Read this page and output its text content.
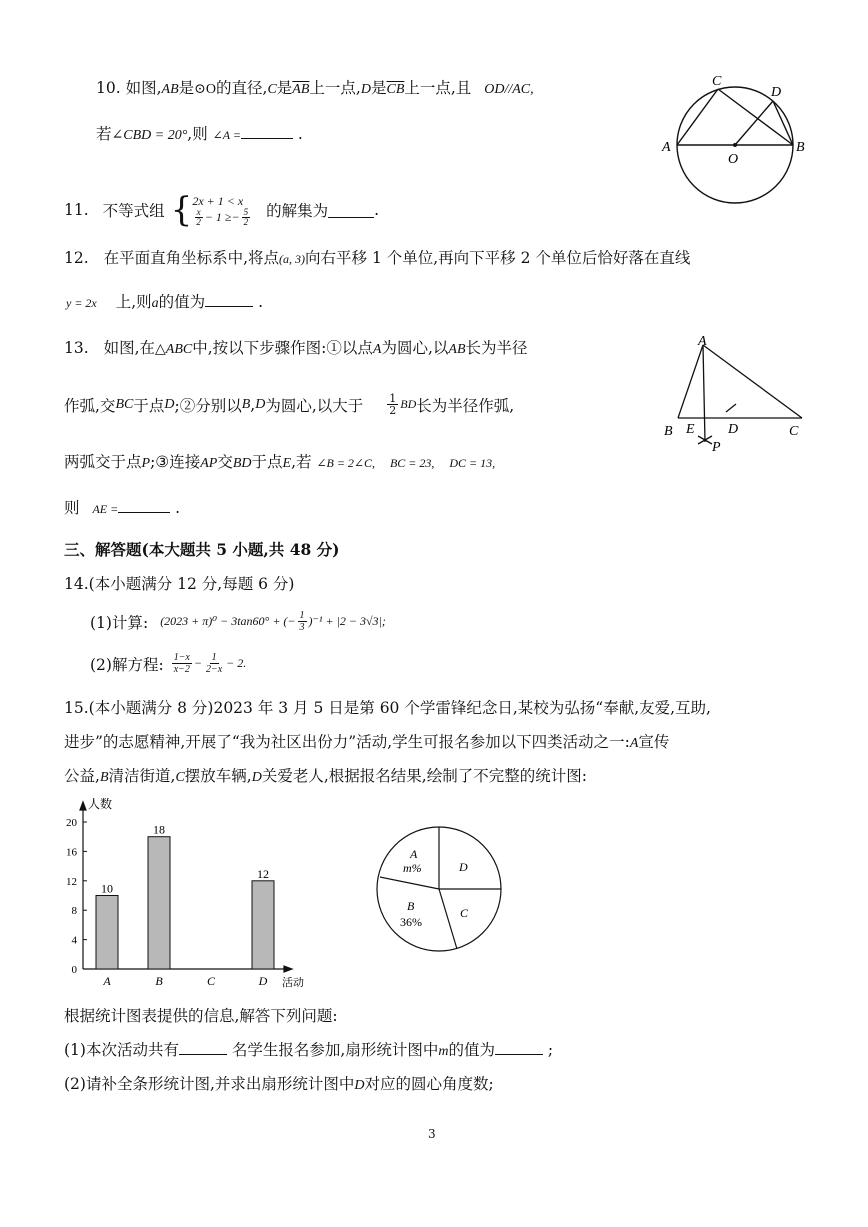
10. 如图,AB是⊙O的直径,C是$\overline{AB}$上一点,D是$\overline{CB}$上一点,且 OD//AC,
若∠CBD = 20°,则 ∠A =	.
A	B
C
D
O
11. 不等式组 { 2x + 1 < x
$\frac{x}{2} - 1 \ge- \frac{5}{2}$ 的解集为	.
12. 在平面直角坐标系中,将点(a, 3)向右平移 1 个单位,再向下平移 2 个单位后恰好落在直线
y = 2x 上,则a的值为	.
13. 如图,在△ABC中,按以下步骤作图:①以点A为圆心,以AB长为半径
作弧,交 BC 于点 D ;②分别以 B , D 为圆心,以大于 $\frac{1}{2}$ BD 长为半径作弧,
两弧交于点P;③连接AP交BD于点E,若 ∠B = 2∠C, BC = 23, DC = 13,
则 AE =	.
A
B E D	C
P
三、解答题(本大题共 5 小题,共 48 分)
14.(本小题满分 12 分,每题 6 分)
(1)计算: (2023 + π)⁰ − 3tan60° + (− $\frac{1}{3} )^{-1} + |2 - 3√3|$;
(2)解方程: $\frac{1-x}{x-2} - \frac{1}{2-x} - 2$.
15.(本小题满分 8 分)2023 年 3 月 5 日是第 60 个学雷锋纪念日,某校为弘扬“奉献,友爱,互助,
进步”的志愿精神,开展了“我为社区出份力”活动,学生可报名参加以下四类活动之一:A宣传
公益,B清洁街道,C摆放车辆,D关爱老人,根据报名结果,绘制了不完整的统计图:
0
4
8
12
16
20
A
10
B
18
C	D
12
人数
活动
A
m%	D
C
B
36%
根据统计图表提供的信息,解答下列问题:
(1)本次活动共有	名学生报名参加,扇形统计图中m的值为	;
(2)请补全条形统计图,并求出扇形统计图中D对应的圆心角度数;
3
